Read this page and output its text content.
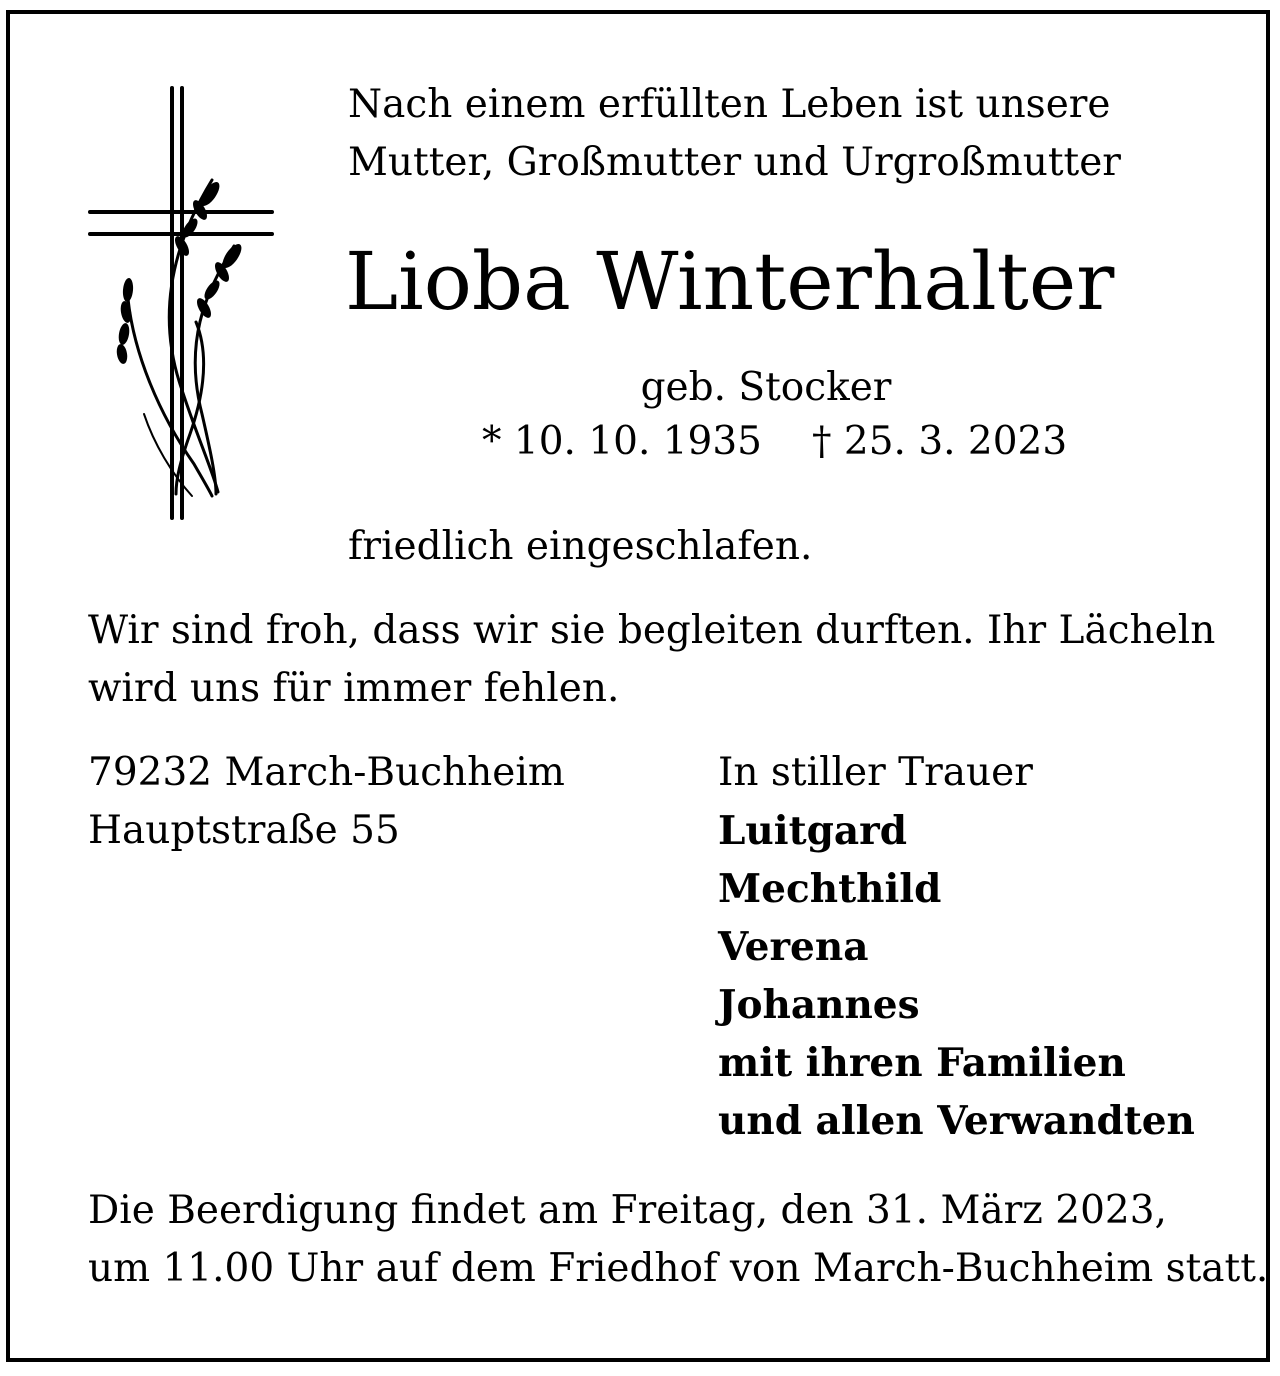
Nach einem erfüllten Leben ist unsere
Mutter, Großmutter und Urgroßmutter
Lioba Winterhalter
geb. Stocker
* 10. 10. 1935 † 25. 3. 2023
friedlich eingeschlafen.
Wir sind froh, dass wir sie begleiten durften. Ihr Lächeln
wird uns für immer fehlen.
79232 March-Buchheim
Hauptstraße 55
In stiller Trauer
Luitgard
Mechthild
Verena
Johannes
mit ihren Familien
und allen Verwandten
Die Beerdigung findet am Freitag, den 31. März 2023,
um 11.00 Uhr auf dem Friedhof von March-Buchheim statt.
